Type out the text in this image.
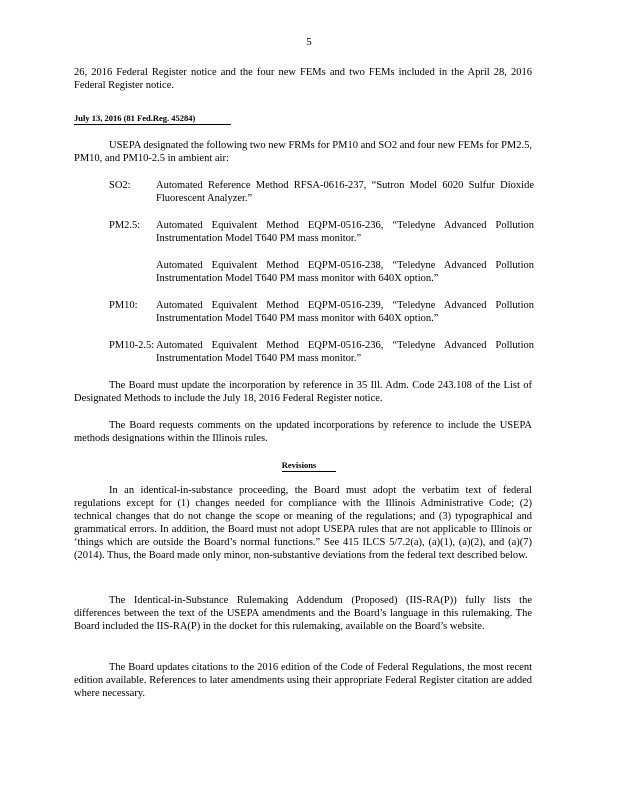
5

26, 2016 Federal Register notice and the four new FEMs and two FEMs included in the April 28, 2016 Federal Register notice.

July 13, 2016 (81 Fed.Reg. 45284)

USEPA designated the following two new FRMs for PM10 and SO2 and four new FEMs for PM2.5, PM10, and PM10-2.5 in ambient air:

SO2:	Automated Reference Method RFSA-0616-237, “Sutron Model 6020 Sulfur Dioxide Fluorescent Analyzer.”
PM2.5:	Automated Equivalent Method EQPM-0516-236, “Teledyne Advanced Pollution Instrumentation Model T640 PM mass monitor.”
Automated Equivalent Method EQPM-0516-238, “Teledyne Advanced Pollution Instrumentation Model T640 PM mass monitor with 640X option.”
PM10:	Automated Equivalent Method EQPM-0516-239, “Teledyne Advanced Pollution Instrumentation Model T640 PM mass monitor with 640X option.”
PM10-2.5: Automated Equivalent Method EQPM-0516-236, “Teledyne Advanced Pollution Instrumentation Model T640 PM mass monitor.”

The Board must update the incorporation by reference in 35 Ill. Adm. Code 243.108 of the List of Designated Methods to include the July 18, 2016 Federal Register notice.

The Board requests comments on the updated incorporations by reference to include the USEPA methods designations within the Illinois rules.

Revisions

In an identical-in-substance proceeding, the Board must adopt the verbatim text of federal regulations except for (1) changes needed for compliance with the Illinois Administrative Code; (2) technical changes that do not change the scope or meaning of the regulations; and (3) typographical and grammatical errors. In addition, the Board must not adopt USEPA rules that are not applicable to Illinois or ‘things which are outside the Board’s normal functions.” See 415 ILCS 5/7.2(a), (a)(1), (a)(2), and (a)(7) (2014). Thus, the Board made only minor, non-substantive deviations from the federal text described below.

The Identical-in-Substance Rulemaking Addendum (Proposed) (IIS-RA(P)) fully lists the differences between the text of the USEPA amendments and the Board’s language in this rulemaking. The Board included the IIS-RA(P) in the docket for this rulemaking, available on the Board’s website.

The Board updates citations to the 2016 edition of the Code of Federal Regulations, the most recent edition available. References to later amendments using their appropriate Federal Register citation are added where necessary.
